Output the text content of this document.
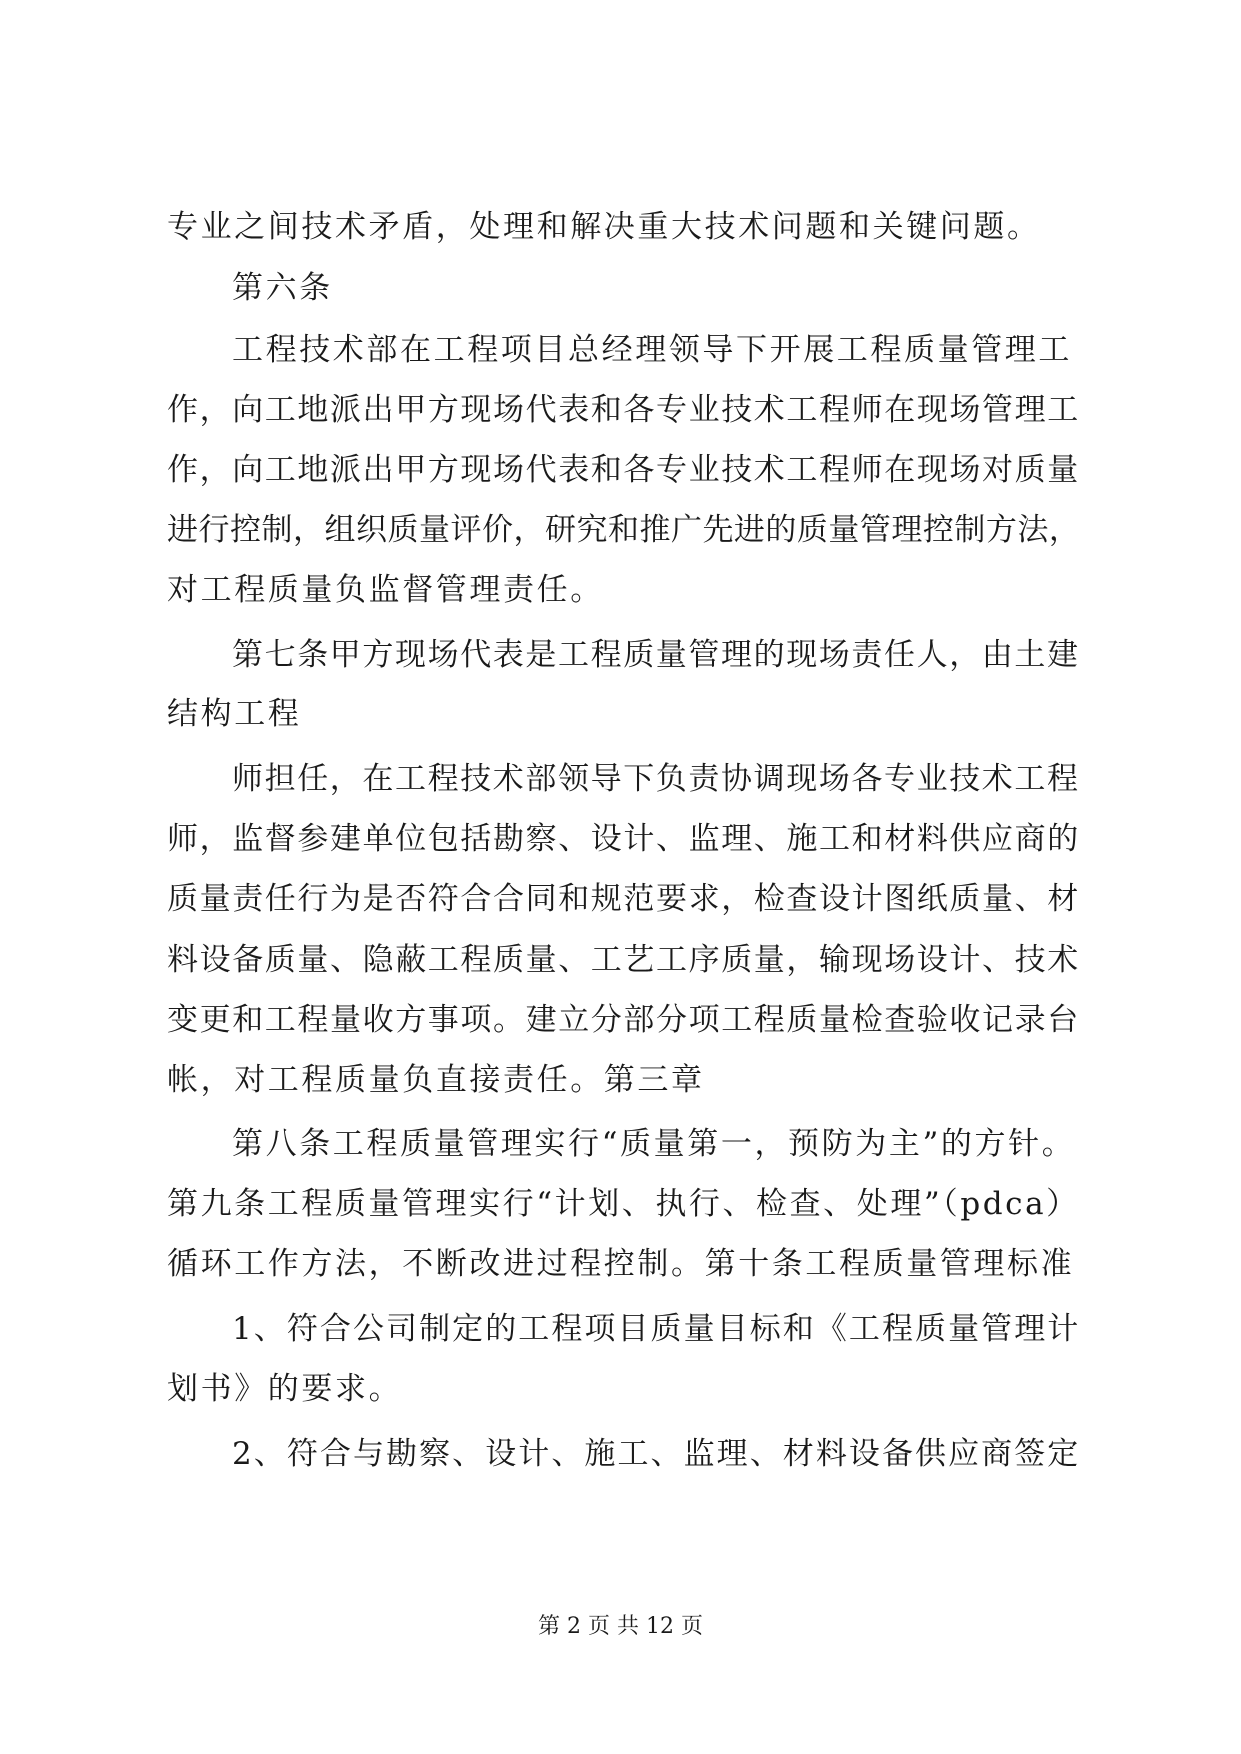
专业之间技术矛盾，处理和解决重大技术问题和关键问题。
第六条
工程技术部在工程项目总经理领导下开展工程质量管理工
作，向工地派出甲方现场代表和各专业技术工程师在现场管理工
作，向工地派出甲方现场代表和各专业技术工程师在现场对质量
进行控制，组织质量评价，研究和推广先进的质量管理控制方法，
对工程质量负监督管理责任。
第七条甲方现场代表是工程质量管理的现场责任人，由土建
结构工程
师担任，在工程技术部领导下负责协调现场各专业技术工程
师，监督参建单位包括勘察、设计、监理、施工和材料供应商的
质量责任行为是否符合合同和规范要求，检查设计图纸质量、材
料设备质量、隐蔽工程质量、工艺工序质量，输现场设计、技术
变更和工程量收方事项。建立分部分项工程质量检查验收记录台
帐，对工程质量负直接责任。第三章
第八条工程质量管理实行“质量第一，预防为主”的方针。
第九条工程质量管理实行“计划、执行、检查、处理”（pdca）
循环工作方法，不断改进过程控制。第十条工程质量管理标准
1、符合公司制定的工程项目质量目标和《工程质量管理计
划书》的要求。
2、符合与勘察、设计、施工、监理、材料设备供应商签定
第 2 页 共 12 页
